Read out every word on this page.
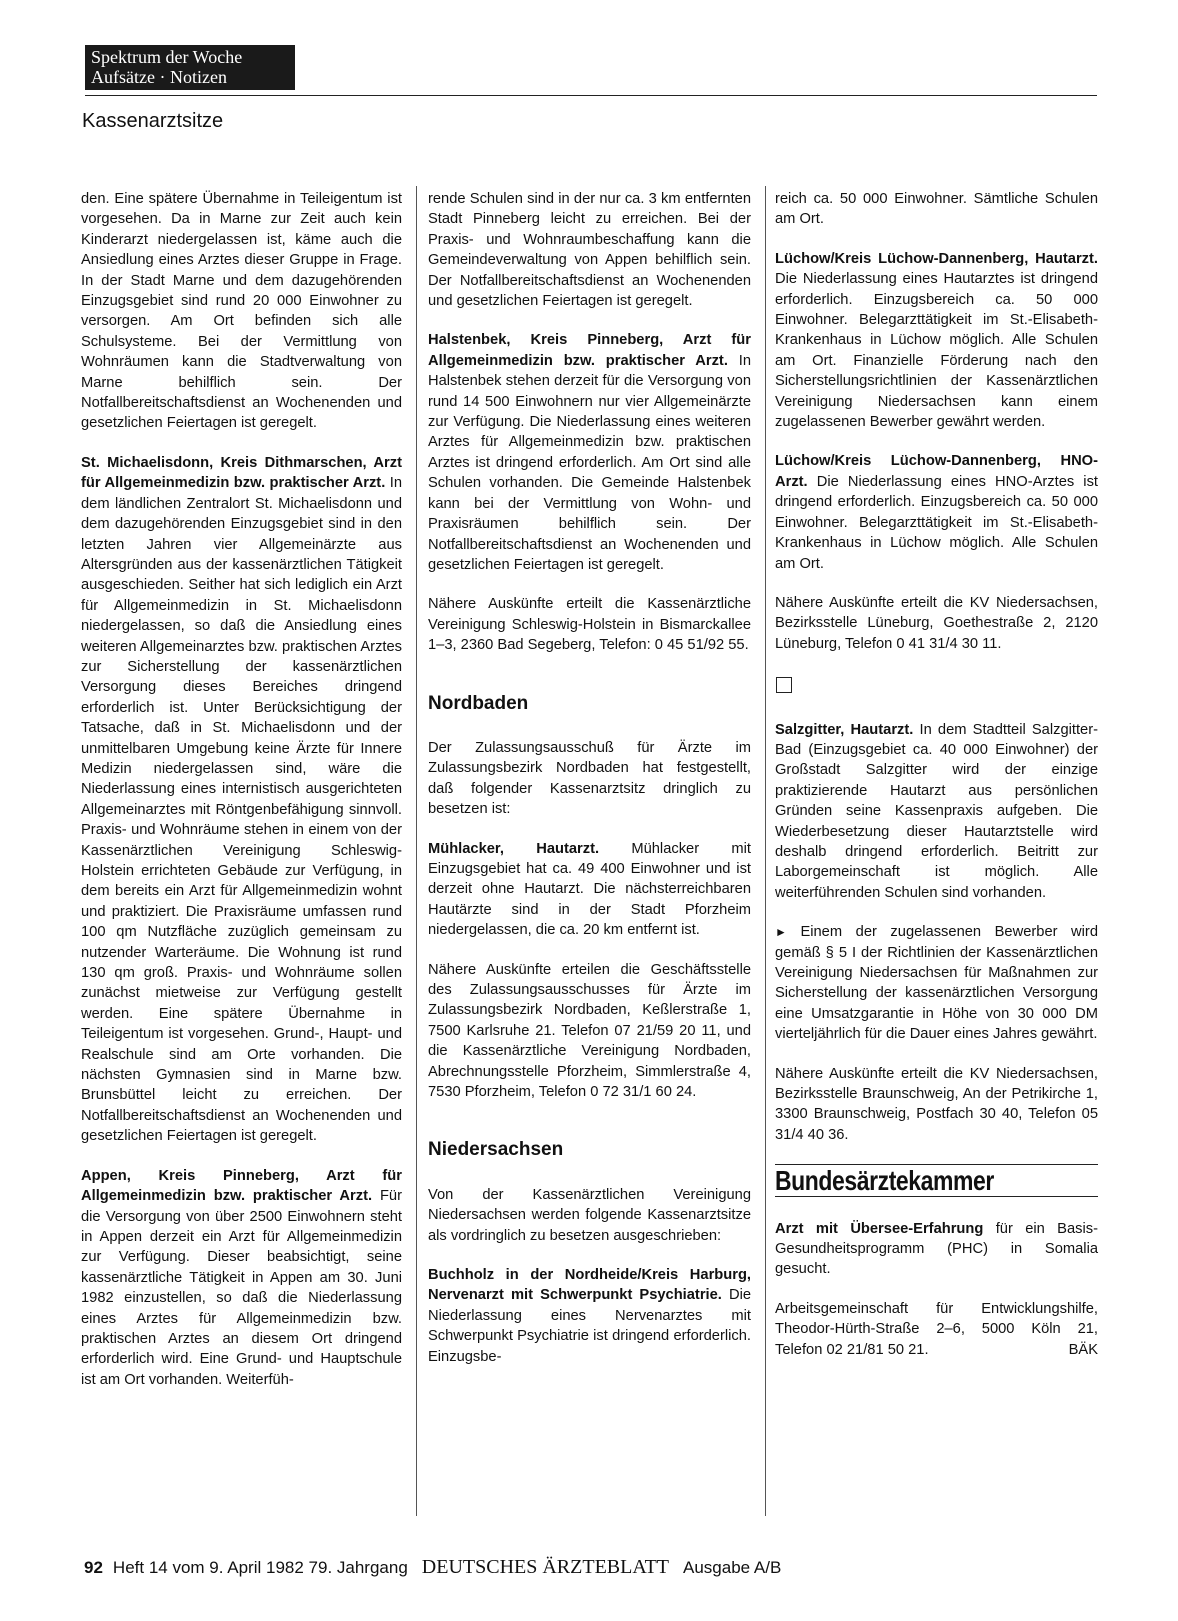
Spektrum der Woche
Aufsätze · Notizen
Kassenarztsitze

den. Eine spätere Übernahme in Teileigentum ist vorgesehen. Da in Marne zur Zeit auch kein Kinderarzt niedergelassen ist, käme auch die Ansiedlung eines Arztes dieser Gruppe in Frage. In der Stadt Marne und dem dazugehörenden Einzugsgebiet sind rund 20 000 Einwohner zu versorgen. Am Ort befinden sich alle Schulsysteme. Bei der Vermittlung von Wohnräumen kann die Stadtverwaltung von Marne behilflich sein. Der Notfallbereitschaftsdienst an Wochenenden und gesetzlichen Feiertagen ist geregelt.

St. Michaelisdonn, Kreis Dithmarschen, Arzt für Allgemeinmedizin bzw. praktischer Arzt. In dem ländlichen Zentralort St. Michaelisdonn und dem dazugehörenden Einzugsgebiet sind in den letzten Jahren vier Allgemeinärzte aus Altersgründen aus der kassenärztlichen Tätigkeit ausgeschieden. Seither hat sich lediglich ein Arzt für Allgemeinmedizin in St. Michaelisdonn niedergelassen, so daß die Ansiedlung eines weiteren Allgemeinarztes bzw. praktischen Arztes zur Sicherstellung der kassenärztlichen Versorgung dieses Bereiches dringend erforderlich ist. Unter Berücksichtigung der Tatsache, daß in St. Michaelisdonn und der unmittelbaren Umgebung keine Ärzte für Innere Medizin niedergelassen sind, wäre die Niederlassung eines internistisch ausgerichteten Allgemeinarztes mit Röntgenbefähigung sinnvoll. Praxis- und Wohnräume stehen in einem von der Kassenärztlichen Vereinigung Schleswig-Holstein errichteten Gebäude zur Verfügung, in dem bereits ein Arzt für Allgemeinmedizin wohnt und praktiziert. Die Praxisräume umfassen rund 100 qm Nutzfläche zuzüglich gemeinsam zu nutzender Warteräume. Die Wohnung ist rund 130 qm groß. Praxis- und Wohnräume sollen zunächst mietweise zur Verfügung gestellt werden. Eine spätere Übernahme in Teileigentum ist vorgesehen. Grund-, Haupt- und Realschule sind am Orte vorhanden. Die nächsten Gymnasien sind in Marne bzw. Brunsbüttel leicht zu erreichen. Der Notfallbereitschaftsdienst an Wochenenden und gesetzlichen Feiertagen ist geregelt.

Appen, Kreis Pinneberg, Arzt für Allgemeinmedizin bzw. praktischer Arzt. Für die Versorgung von über 2500 Einwohnern steht in Appen derzeit ein Arzt für Allgemeinmedizin zur Verfügung. Dieser beabsichtigt, seine kassenärztliche Tätigkeit in Appen am 30. Juni 1982 einzustellen, so daß die Niederlassung eines Arztes für Allgemeinmedizin bzw. praktischen Arztes an diesem Ort dringend erforderlich wird. Eine Grund- und Hauptschule ist am Ort vorhanden. Weiterfüh-

rende Schulen sind in der nur ca. 3 km entfernten Stadt Pinneberg leicht zu erreichen. Bei der Praxis- und Wohnraumbeschaffung kann die Gemeindeverwaltung von Appen behilflich sein. Der Notfallbereitschaftsdienst an Wochenenden und gesetzlichen Feiertagen ist geregelt.

Halstenbek, Kreis Pinneberg, Arzt für Allgemeinmedizin bzw. praktischer Arzt. In Halstenbek stehen derzeit für die Versorgung von rund 14 500 Einwohnern nur vier Allgemeinärzte zur Verfügung. Die Niederlassung eines weiteren Arztes für Allgemeinmedizin bzw. praktischen Arztes ist dringend erforderlich. Am Ort sind alle Schulen vorhanden. Die Gemeinde Halstenbek kann bei der Vermittlung von Wohn- und Praxisräumen behilflich sein. Der Notfallbereitschaftsdienst an Wochenenden und gesetzlichen Feiertagen ist geregelt.

Nähere Auskünfte erteilt die Kassenärztliche Vereinigung Schleswig-Holstein in Bismarckallee 1–3, 2360 Bad Segeberg, Telefon: 0 45 51/92 55.

Nordbaden

Der Zulassungsausschuß für Ärzte im Zulassungsbezirk Nordbaden hat festgestellt, daß folgender Kassenarztsitz dringlich zu besetzen ist:

Mühlacker, Hautarzt. Mühlacker mit Einzugsgebiet hat ca. 49 400 Einwohner und ist derzeit ohne Hautarzt. Die nächsterreichbaren Hautärzte sind in der Stadt Pforzheim niedergelassen, die ca. 20 km entfernt ist.

Nähere Auskünfte erteilen die Geschäftsstelle des Zulassungsausschusses für Ärzte im Zulassungsbezirk Nordbaden, Keßlerstraße 1, 7500 Karlsruhe 21. Telefon 07 21/59 20 11, und die Kassenärztliche Vereinigung Nordbaden, Abrechnungsstelle Pforzheim, Simmlerstraße 4, 7530 Pforzheim, Telefon 0 72 31/1 60 24.

Niedersachsen

Von der Kassenärztlichen Vereinigung Niedersachsen werden folgende Kassenarztsitze als vordringlich zu besetzen ausgeschrieben:

Buchholz in der Nordheide/Kreis Harburg, Nervenarzt mit Schwerpunkt Psychiatrie. Die Niederlassung eines Nervenarztes mit Schwerpunkt Psychiatrie ist dringend erforderlich. Einzugsbe-

reich ca. 50 000 Einwohner. Sämtliche Schulen am Ort.

Lüchow/Kreis Lüchow-Dannenberg, Hautarzt. Die Niederlassung eines Hautarztes ist dringend erforderlich. Einzugsbereich ca. 50 000 Einwohner. Belegarzttätigkeit im St.-Elisabeth-Krankenhaus in Lüchow möglich. Alle Schulen am Ort. Finanzielle Förderung nach den Sicherstellungsrichtlinien der Kassenärztlichen Vereinigung Niedersachsen kann einem zugelassenen Bewerber gewährt werden.

Lüchow/Kreis Lüchow-Dannenberg, HNO-Arzt. Die Niederlassung eines HNO-Arztes ist dringend erforderlich. Einzugsbereich ca. 50 000 Einwohner. Belegarzttätigkeit im St.-Elisabeth-Krankenhaus in Lüchow möglich. Alle Schulen am Ort.

Nähere Auskünfte erteilt die KV Niedersachsen, Bezirksstelle Lüneburg, Goethestraße 2, 2120 Lüneburg, Telefon 0 41 31/4 30 11.

Salzgitter, Hautarzt. In dem Stadtteil Salzgitter-Bad (Einzugsgebiet ca. 40 000 Einwohner) der Großstadt Salzgitter wird der einzige praktizierende Hautarzt aus persönlichen Gründen seine Kassenpraxis aufgeben. Die Wiederbesetzung dieser Hautarztstelle wird deshalb dringend erforderlich. Beitritt zur Laborgemeinschaft ist möglich. Alle weiterführenden Schulen sind vorhanden.

► Einem der zugelassenen Bewerber wird gemäß § 5 I der Richtlinien der Kassenärztlichen Vereinigung Niedersachsen für Maßnahmen zur Sicherstellung der kassenärztlichen Versorgung eine Umsatzgarantie in Höhe von 30 000 DM vierteljährlich für die Dauer eines Jahres gewährt.

Nähere Auskünfte erteilt die KV Niedersachsen, Bezirksstelle Braunschweig, An der Petrikirche 1, 3300 Braunschweig, Postfach 30 40, Telefon 05 31/4 40 36.

Bundesärztekammer

Arzt mit Übersee-Erfahrung für ein Basis-Gesundheitsprogramm (PHC) in Somalia gesucht.

Arbeitsgemeinschaft für Entwicklungshilfe, Theodor-Hürth-Straße 2–6, 5000 Köln 21, Telefon 02 21/81 50 21.	BÄK

92 Heft 14 vom 9. April 1982 79. Jahrgang DEUTSCHES ÄRZTEBLATT Ausgabe A/B
